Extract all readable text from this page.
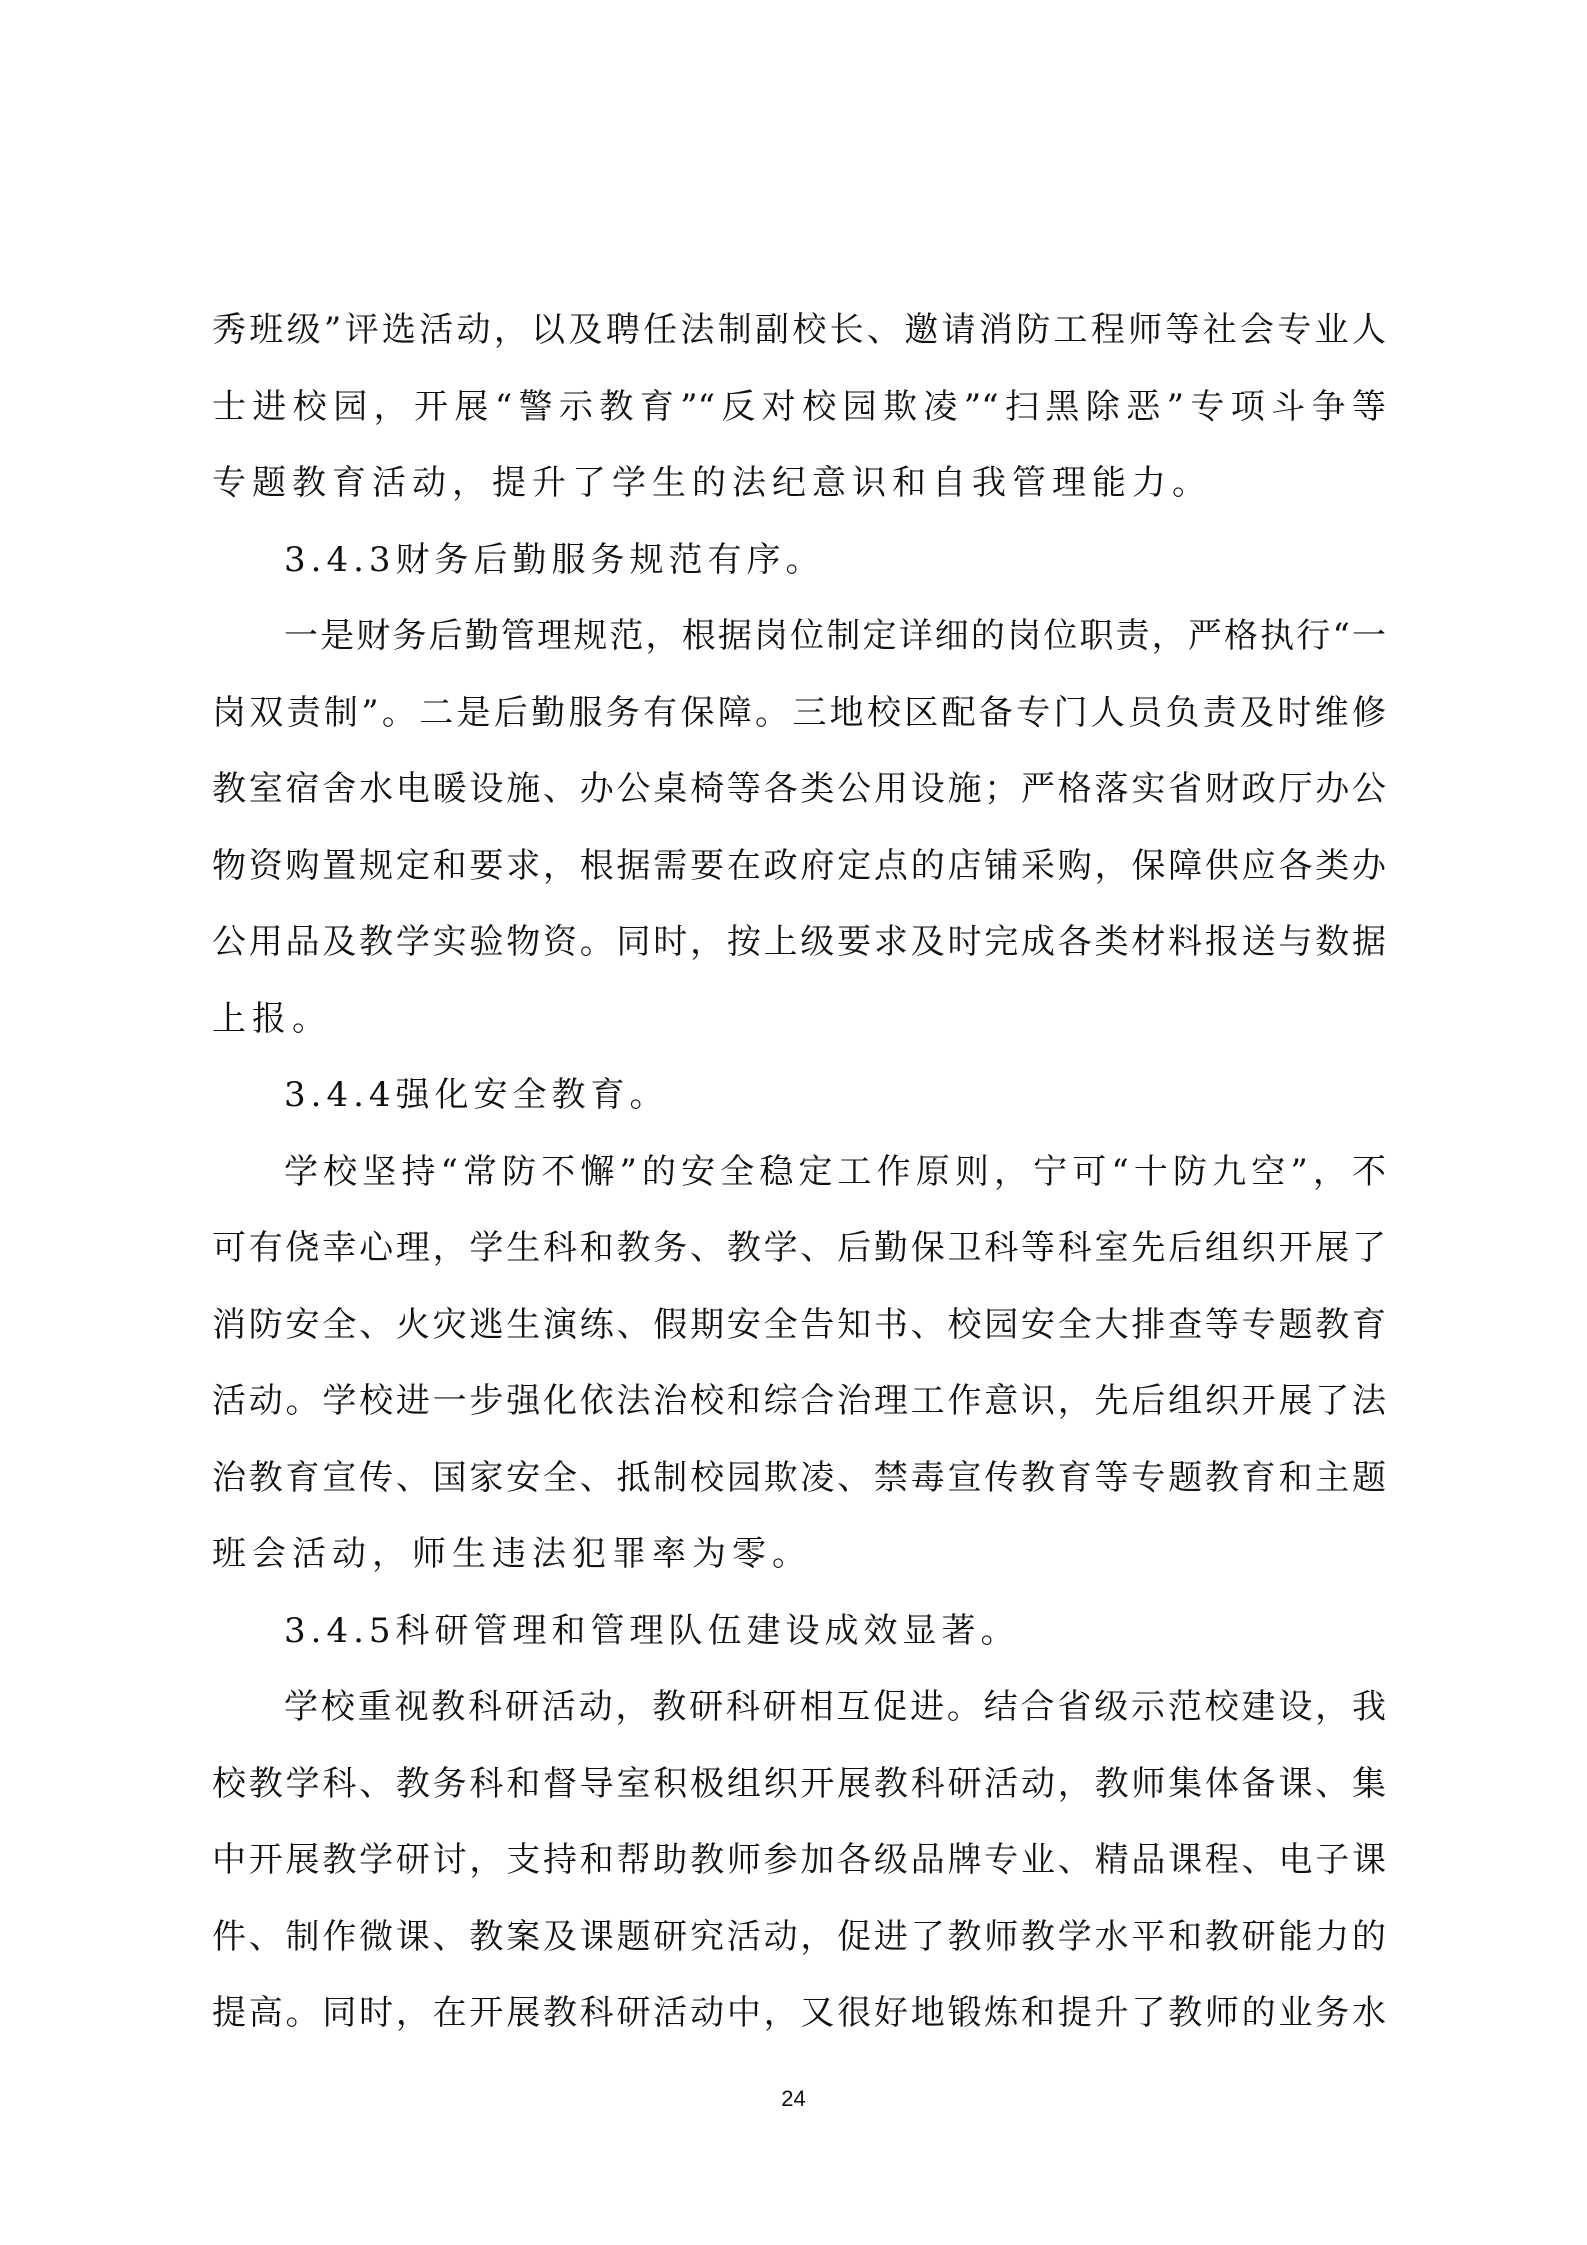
秀班级”评选活动，以及聘任法制副校长、邀请消防工程师等社会专业人
士进校园，开展“警示教育”“反对校园欺凌”“扫黑除恶”专项斗争等
专题教育活动，提升了学生的法纪意识和自我管理能力。
3.4.3财务后勤服务规范有序。
一是财务后勤管理规范，根据岗位制定详细的岗位职责，严格执行“一
岗双责制”。二是后勤服务有保障。三地校区配备专门人员负责及时维修
教室宿舍水电暖设施、办公桌椅等各类公用设施；严格落实省财政厅办公
物资购置规定和要求，根据需要在政府定点的店铺采购，保障供应各类办
公用品及教学实验物资。同时，按上级要求及时完成各类材料报送与数据
上报。
3.4.4强化安全教育。
学校坚持“常防不懈”的安全稳定工作原则，宁可“十防九空”，不
可有侥幸心理，学生科和教务、教学、后勤保卫科等科室先后组织开展了
消防安全、火灾逃生演练、假期安全告知书、校园安全大排查等专题教育
活动。学校进一步强化依法治校和综合治理工作意识，先后组织开展了法
治教育宣传、国家安全、抵制校园欺凌、禁毒宣传教育等专题教育和主题
班会活动，师生违法犯罪率为零。
3.4.5科研管理和管理队伍建设成效显著。
学校重视教科研活动，教研科研相互促进。结合省级示范校建设，我
校教学科、教务科和督导室积极组织开展教科研活动，教师集体备课、集
中开展教学研讨，支持和帮助教师参加各级品牌专业、精品课程、电子课
件、制作微课、教案及课题研究活动，促进了教师教学水平和教研能力的
提高。同时，在开展教科研活动中，又很好地锻炼和提升了教师的业务水
24
